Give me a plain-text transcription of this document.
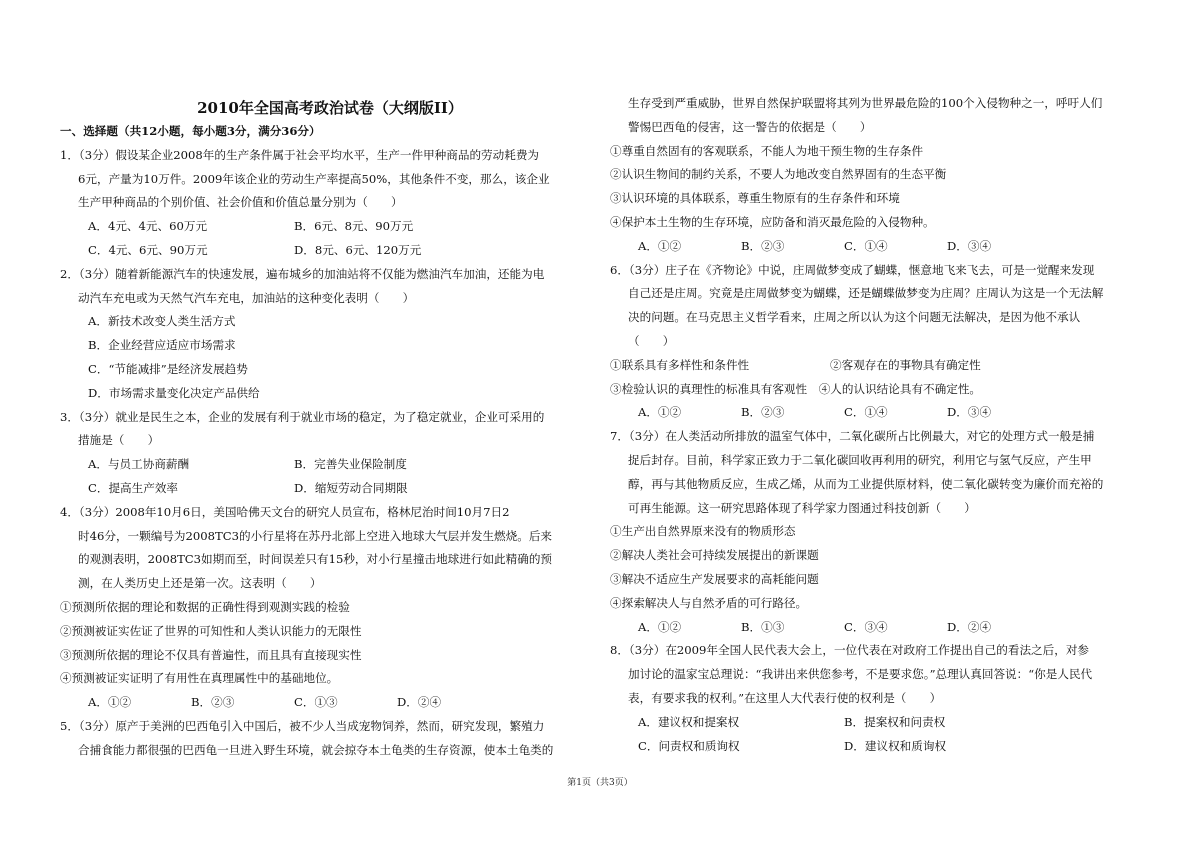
2010年全国高考政治试卷（大纲版II）
一、选择题（共12小题，每小题3分，满分36分）
1．（3分）假设某企业2008年的生产条件属于社会平均水平，生产一件甲种商品的劳动耗费为
6元，产量为10万件。2009年该企业的劳动生产率提高50%，其他条件不变，那么，该企业
生产甲种商品的个别价值、社会价值和价值总量分别为（　　）
A．4元、4元、60万元	B．6元、8元、90万元
C．4元、6元、90万元	D．8元、6元、120万元
2．（3分）随着新能源汽车的快速发展，遍布城乡的加油站将不仅能为燃油汽车加油，还能为电
动汽车充电或为天然气汽车充电，加油站的这种变化表明（　　）
A．新技术改变人类生活方式
B．企业经营应适应市场需求
C．“节能减排”是经济发展趋势
D．市场需求量变化决定产品供给
3．（3分）就业是民生之本，企业的发展有利于就业市场的稳定，为了稳定就业，企业可采用的
措施是（　　）
A．与员工协商薪酬	B．完善失业保险制度
C．提高生产效率	D．缩短劳动合同期限
4．（3分）2008年10月6日，美国哈佛天文台的研究人员宣布，格林尼治时间10月7日2
时46分，一颗编号为2008TC3的小行星将在苏丹北部上空进入地球大气层并发生燃烧。后来
的观测表明，2008TC3如期而至，时间误差只有15秒，对小行星撞击地球进行如此精确的预
测，在人类历史上还是第一次。这表明（　　）
①预测所依据的理论和数据的正确性得到观测实践的检验
②预测被证实佐证了世界的可知性和人类认识能力的无限性
③预测所依据的理论不仅具有普遍性，而且具有直接现实性
④预测被证实证明了有用性在真理属性中的基础地位。
A．①②	B．②③	C．①③	D．②④
5．（3分）原产于美洲的巴西龟引入中国后，被不少人当成宠物饲养，然而，研究发现，繁殖力
合捕食能力都很强的巴西龟一旦进入野生环境，就会掠夺本土龟类的生存资源，使本土龟类的
生存受到严重威胁，世界自然保护联盟将其列为世界最危险的100个入侵物种之一，呼吁人们
警惕巴西龟的侵害，这一警告的依据是（　　）
①尊重自然固有的客观联系，不能人为地干预生物的生存条件
②认识生物间的制约关系，不要人为地改变自然界固有的生态平衡
③认识环境的具体联系，尊重生物原有的生存条件和环境
④保护本土生物的生存环境，应防备和消灭最危险的入侵物种。
A．①②	B．②③	C．①④	D．③④
6．（3分）庄子在《齐物论》中说，庄周做梦变成了蝴蝶，惬意地飞来飞去，可是一觉醒来发现
自己还是庄周。究竟是庄周做梦变为蝴蝶，还是蝴蝶做梦变为庄周？庄周认为这是一个无法解
决的问题。在马克思主义哲学看来，庄周之所以认为这个问题无法解决，是因为他不承认
（　　）
①联系具有多样性和条件性	②客观存在的事物具有确定性
③检验认识的真理性的标准具有客观性　④人的认识结论具有不确定性。
A．①②	B．②③	C．①④	D．③④
7．（3分）在人类活动所排放的温室气体中，二氧化碳所占比例最大，对它的处理方式一般是捕
捉后封存。目前，科学家正致力于二氧化碳回收再利用的研究，利用它与氢气反应，产生甲
醇，再与其他物质反应，生成乙烯，从而为工业提供原材料，使二氧化碳转变为廉价而充裕的
可再生能源。这一研究思路体现了科学家力图通过科技创新（　　）
①生产出自然界原来没有的物质形态
②解决人类社会可持续发展提出的新课题
③解决不适应生产发展要求的高耗能问题
④探索解决人与自然矛盾的可行路径。
A．①②	B．①③	C．③④	D．②④
8．（3分）在2009年全国人民代表大会上，一位代表在对政府工作提出自己的看法之后，对参
加讨论的温家宝总理说：“我讲出来供您参考，不是要求您。”总理认真回答说：“你是人民代
表，有要求我的权利。”在这里人大代表行使的权利是（　　）
A．建议权和提案权	B．提案权和问责权
C．问责权和质询权	D．建议权和质询权
第1页（共3页）
